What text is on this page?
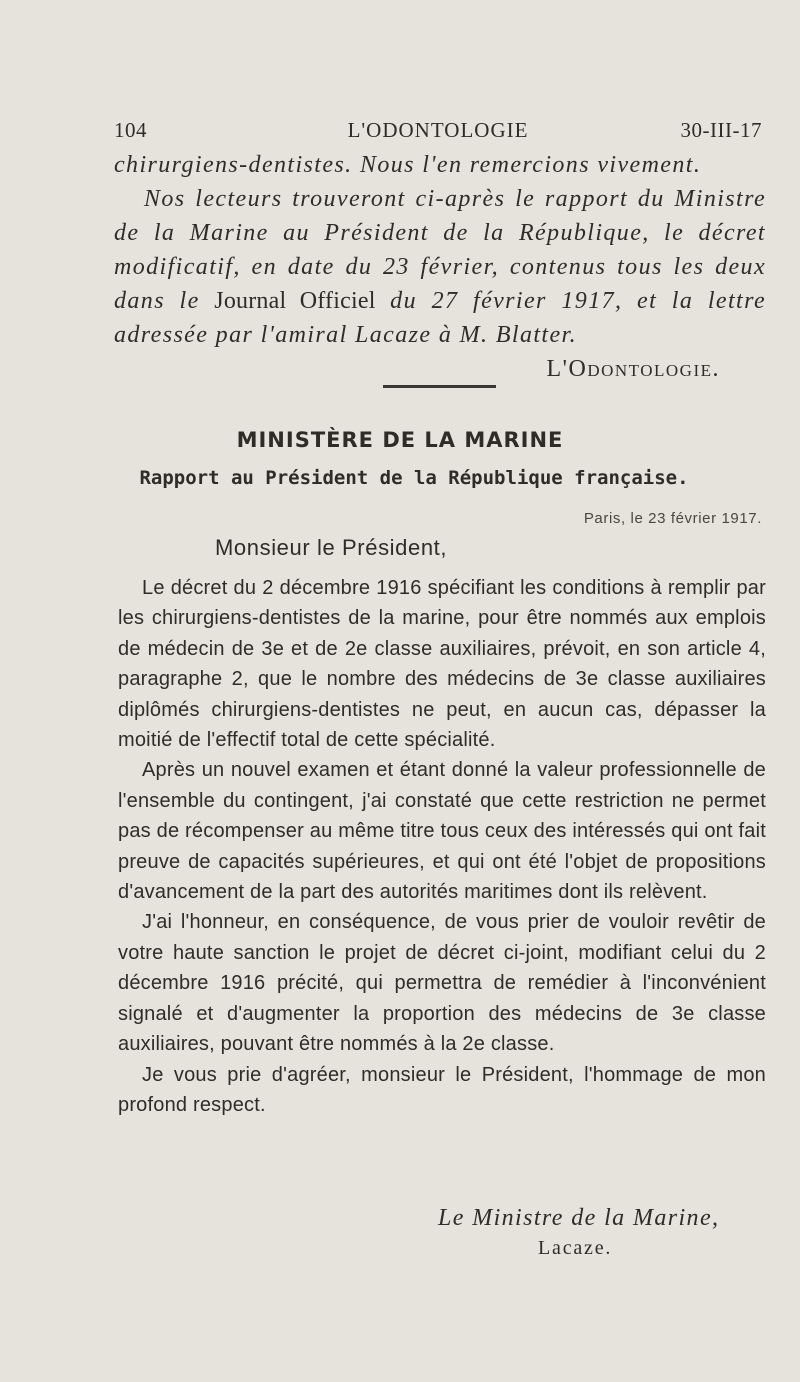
104	L'ODONTOLOGIE	30-III-17

chirurgiens-dentistes. Nous l'en remercions vivement.

Nos lecteurs trouveront ci-après le rapport du Ministre de la Marine au Président de la République, le décret modificatif, en date du 23 février, contenus tous les deux dans le Journal Officiel du 27 février 1917, et la lettre adressée par l'amiral Lacaze à M. Blatter.

L'Odontologie.

MINISTÈRE DE LA MARINE
Rapport au Président de la République française.
Paris, le 23 février 1917.
Monsieur le Président,

Le décret du 2 décembre 1916 spécifiant les conditions à remplir par les chirurgiens-dentistes de la marine, pour être nommés aux emplois de médecin de 3e et de 2e classe auxiliaires, prévoit, en son article 4, paragraphe 2, que le nombre des médecins de 3e classe auxiliaires diplômés chirurgiens-dentistes ne peut, en aucun cas, dépasser la moitié de l'effectif total de cette spécialité.

Après un nouvel examen et étant donné la valeur professionnelle de l'ensemble du contingent, j'ai constaté que cette restriction ne permet pas de récompenser au même titre tous ceux des intéressés qui ont fait preuve de capacités supérieures, et qui ont été l'objet de propositions d'avancement de la part des autorités maritimes dont ils relèvent.

J'ai l'honneur, en conséquence, de vous prier de vouloir revêtir de votre haute sanction le projet de décret ci-joint, modifiant celui du 2 décembre 1916 précité, qui permettra de remédier à l'inconvénient signalé et d'augmenter la proportion des médecins de 3e classe auxiliaires, pouvant être nommés à la 2e classe.

Je vous prie d'agréer, monsieur le Président, l'hommage de mon profond respect.

Le Ministre de la Marine,
Lacaze.
